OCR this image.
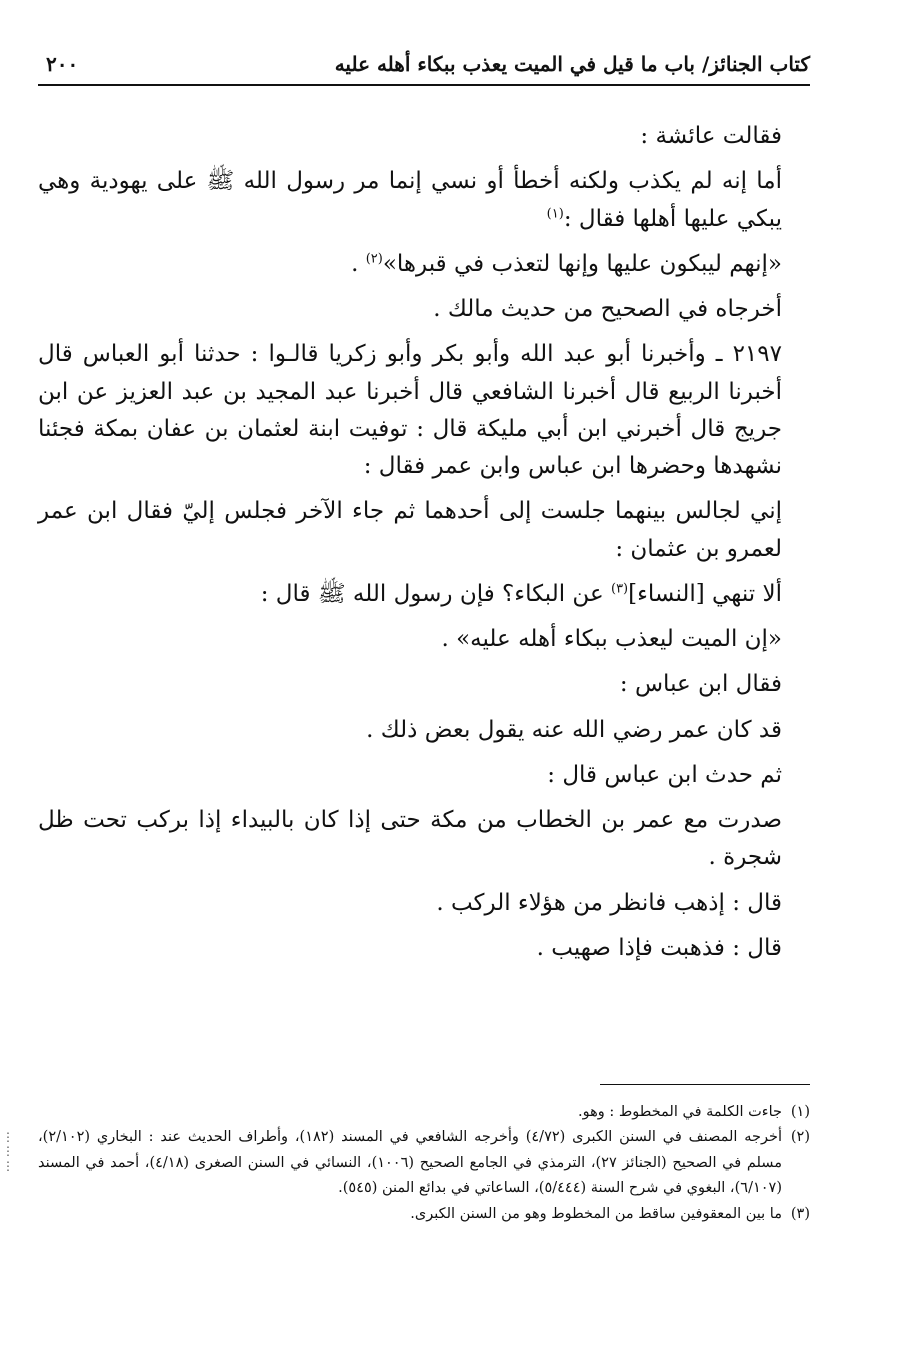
كتاب الجنائز/ باب ما قيل في الميت يعذب ببكاء أهله عليه
٢٠٠

فقالت عائشة :

أما إنه لم يكذب ولكنه أخطأ أو نسي إنما مر رسول الله ﷺ على يهودية وهي يبكي عليها أهلها فقال :$^{(١)}$

«إنهم ليبكون عليها وإنها لتعذب في قبرها»$^{(٢)}$ .

أخرجاه في الصحيح من حديث مالك .

٢١٩٧ ـ وأخبرنا أبو عبد الله وأبو بكر وأبو زكريا قالـوا : حدثنا أبو العباس قال أخبرنا الربيع قال أخبرنا الشافعي قال أخبرنا عبد المجيد بن عبد العزيز عن ابن جريج قال أخبرني ابن أبي مليكة قال : توفيت ابنة لعثمان بن عفان بمكة فجئنا نشهدها وحضرها ابن عباس وابن عمر فقال :

إني لجالس بينهما جلست إلى أحدهما ثم جاء الآخر فجلس إليّ فقال ابن عمر لعمرو بن عثمان :

ألا تنهي [النساء]$^{(٣)}$ عن البكاء؟ فإن رسول الله ﷺ قال :

«إن الميت ليعذب ببكاء أهله عليه» .

فقال ابن عباس :

قد كان عمر رضي الله عنه يقول بعض ذلك .

ثم حدث ابن عباس قال :

صدرت مع عمر بن الخطاب من مكة حتى إذا كان بالبيداء إذا بركب تحت ظل شجرة .

قال : إذهب فانظر من هؤلاء الركب .

قال : فذهبت فإذا صهيب .

(١)
جاءت الكلمة في المخطوط : وهو.
(٢)
أخرجه المصنف في السنن الكبرى (٤/٧٢) وأخرجه الشافعي في المسند (١٨٢)، وأطراف الحديث عند : البخاري (٢/١٠٢)، مسلم في الصحيح (الجنائز ٢٧)، الترمذي في الجامع الصحيح (١٠٠٦)، النسائي في السنن الصغرى (٤/١٨)، أحمد في المسند (٦/١٠٧)، البغوي في شرح السنة (٥/٤٤٤)، الساعاتي في بدائع المنن (٥٤٥).
(٣)
ما بين المعقوفين ساقط من المخطوط وهو من السنن الكبرى.
⋮
⋮
⋮
